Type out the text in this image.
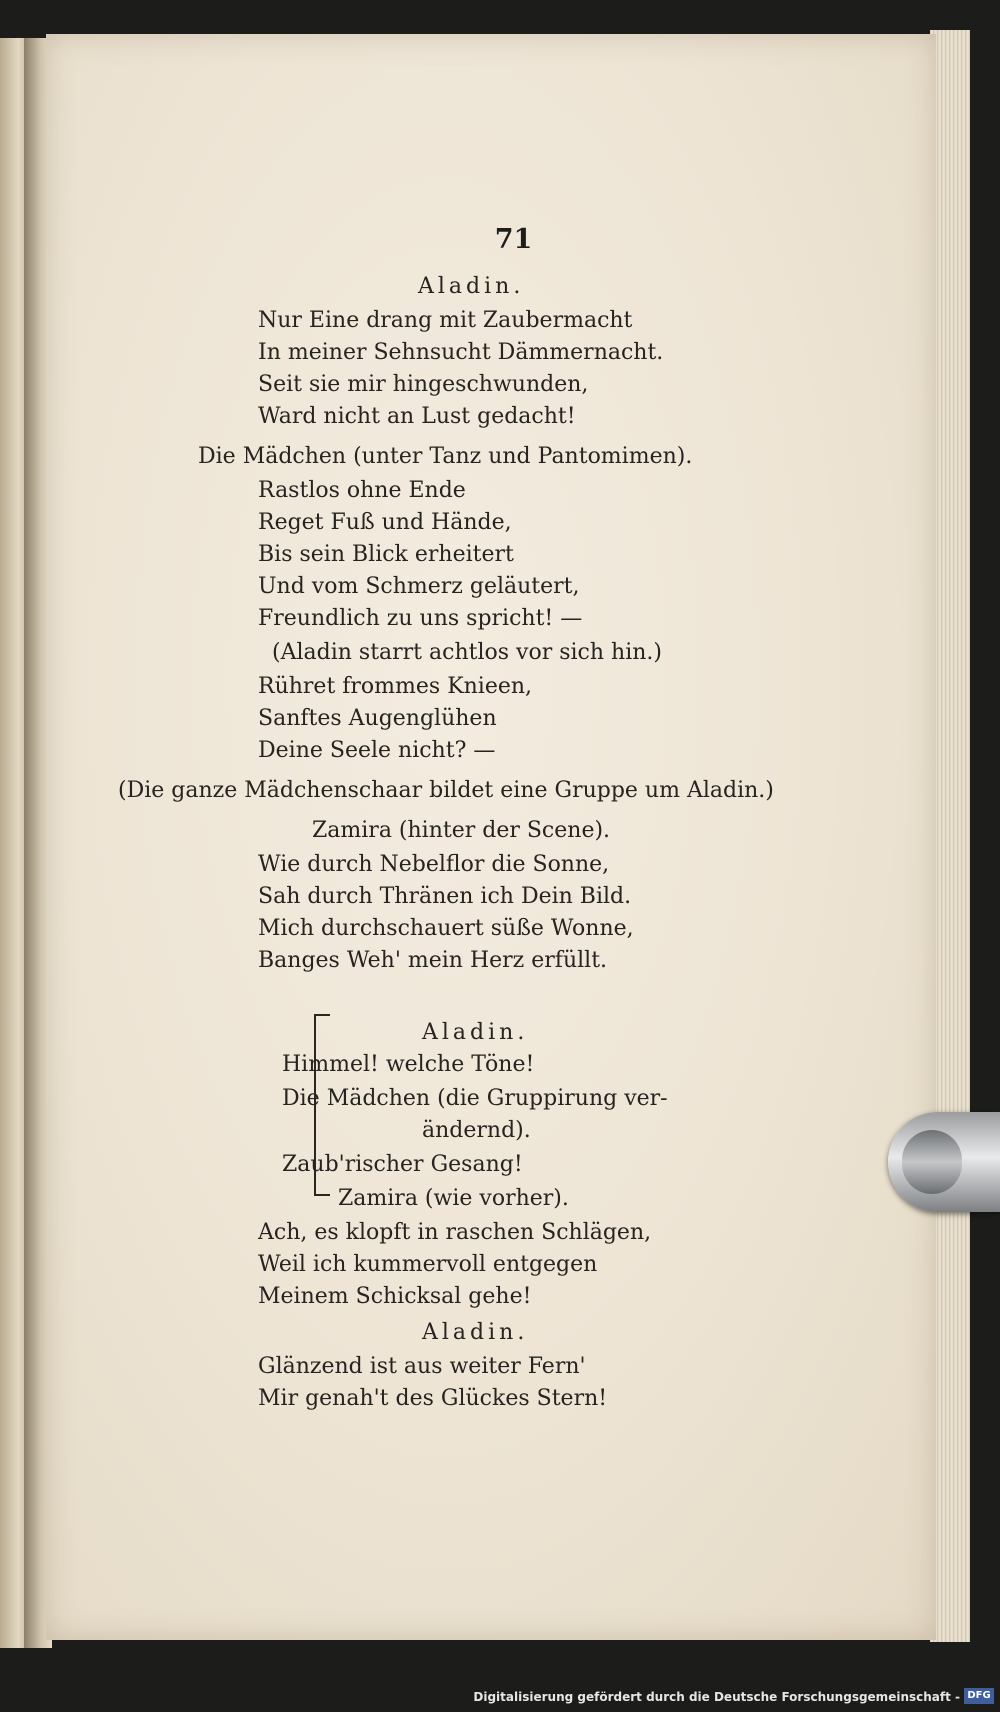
71
Aladin.
Nur Eine drang mit Zaubermacht
In meiner Sehnsucht Dämmernacht.
Seit sie mir hingeschwunden,
Ward nicht an Lust gedacht!
Die Mädchen (unter Tanz und Pantomimen).
Rastlos ohne Ende
Reget Fuß und Hände,
Bis sein Blick erheitert
Und vom Schmerz geläutert,
Freundlich zu uns spricht! —
(Aladin starrt achtlos vor sich hin.)
Rühret frommes Knieen,
Sanftes Augenglühen
Deine Seele nicht? —
(Die ganze Mädchenschaar bildet eine Gruppe um Aladin.)
Zamira (hinter der Scene).
Wie durch Nebelflor die Sonne,
Sah durch Thränen ich Dein Bild.
Mich durchschauert süße Wonne,
Banges Weh' mein Herz erfüllt.
Aladin.
Himmel! welche Töne!
Die Mädchen (die Gruppirung ver-
ändernd).
Zaub'rischer Gesang!
Zamira (wie vorher).
Ach, es klopft in raschen Schlägen,
Weil ich kummervoll entgegen
Meinem Schicksal gehe!
Aladin.
Glänzend ist aus weiter Fern'
Mir genah't des Glückes Stern!
Digitalisierung gefördert durch die Deutsche Forschungsgemeinschaft - DFG
